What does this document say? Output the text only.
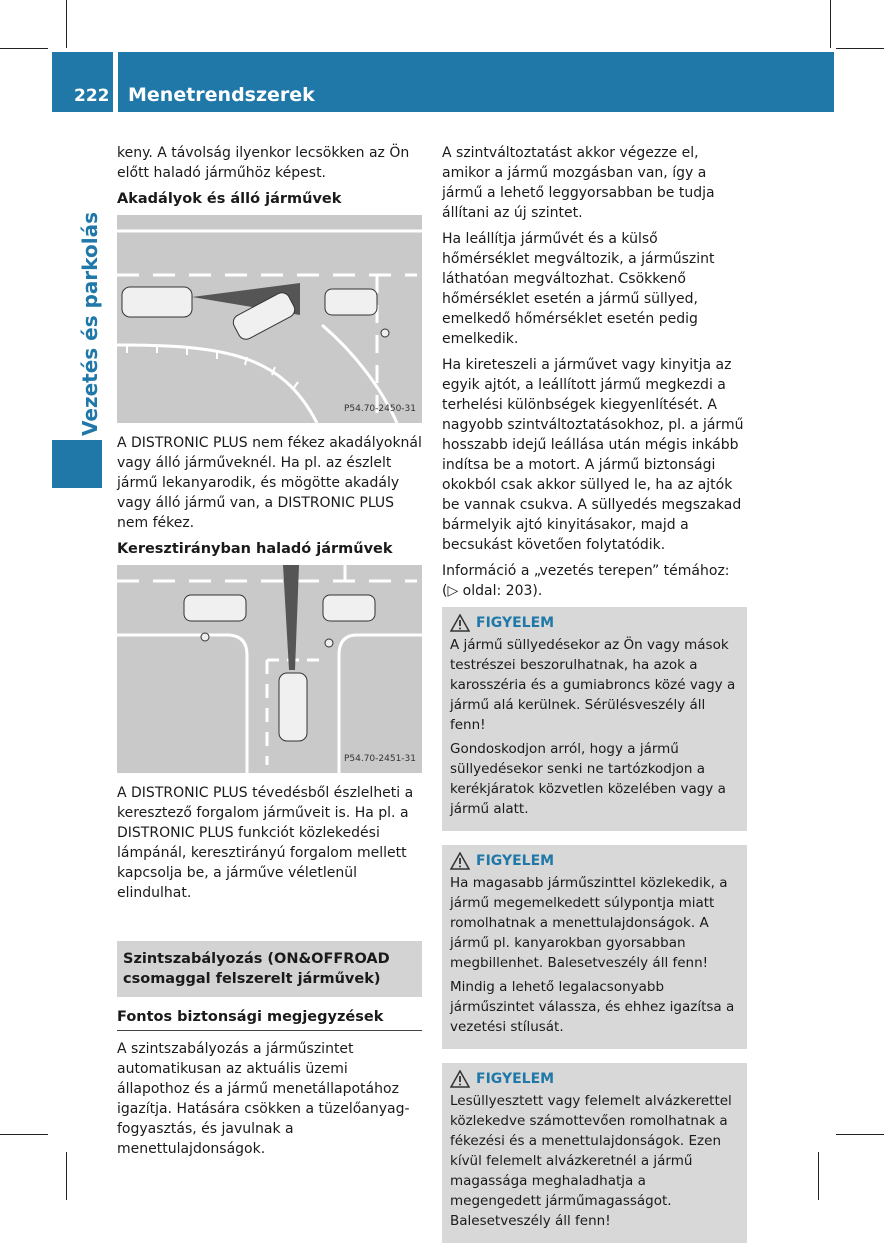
222 Menetrendszerek
Vezetés és parkolás

keny. A távolság ilyenkor lecsökken az Ön előtt haladó járműhöz képest.

Akadályok és álló járművek
P54.70-2450-31

A DISTRONIC PLUS nem fékez akadályoknál vagy álló járműveknél. Ha pl. az észlelt jármű lekanyarodik, és mögötte akadály vagy álló jármű van, a DISTRONIC PLUS nem fékez.

Keresztirányban haladó járművek
P54.70-2451-31

A DISTRONIC PLUS tévedésből észlelheti a keresztező forgalom járműveit is. Ha pl. a DISTRONIC PLUS funkciót közlekedési lámpánál, keresztirányú forgalom mellett kapcsolja be, a járműve véletlenül elindulhat.

Szintszabályozás (ON&OFFROAD csomaggal felszerelt járművek)
Fontos biztonsági megjegyzések

A szintszabályozás a járműszintet automatikusan az aktuális üzemi állapothoz és a jármű menetállapotához igazítja. Hatására csökken a tüzelőanyag-fogyasztás, és javulnak a menettulajdonságok.

A szintváltoztatást akkor végezze el, amikor a jármű mozgásban van, így a jármű a lehető leggyorsabban be tudja állítani az új szintet.

Ha leállítja járművét és a külső hőmérséklet megváltozik, a járműszint láthatóan megváltozhat. Csökkenő hőmérséklet esetén a jármű süllyed, emelkedő hőmérséklet esetén pedig emelkedik.

Ha kireteszeli a járművet vagy kinyitja az egyik ajtót, a leállított jármű megkezdi a terhelési különbségek kiegyenlítését. A nagyobb szintváltoztatásokhoz, pl. a jármű hosszabb idejű leállása után mégis inkább indítsa be a motort. A jármű biztonsági okokból csak akkor süllyed le, ha az ajtók be vannak csukva. A süllyedés megszakad bármelyik ajtó kinyitásakor, majd a becsukást követően folytatódik.

Információ a „vezetés terepen” témához:

(▷ oldal: 203).

FIGYELEM

A jármű süllyedésekor az Ön vagy mások testrészei beszorulhatnak, ha azok a karosszéria és a gumiabroncs közé vagy a jármű alá kerülnek. Sérülésveszély áll fenn!

Gondoskodjon arról, hogy a jármű süllyedésekor senki ne tartózkodjon a kerékjáratok közvetlen közelében vagy a jármű alatt.

FIGYELEM

Ha magasabb járműszinttel közlekedik, a jármű megemelkedett súlypontja miatt romolhatnak a menettulajdonságok. A jármű pl. kanyarokban gyorsabban megbillenhet. Balesetveszély áll fenn!

Mindig a lehető legalacsonyabb járműszintet válassza, és ehhez igazítsa a vezetési stílusát.

FIGYELEM

Lesüllyesztett vagy felemelt alvázkerettel közlekedve számottevően romolhatnak a fékezési és a menettulajdonságok. Ezen kívül felemelt alvázkeretnél a jármű magassága meghaladhatja a megengedett járműmagasságot. Balesetveszély áll fenn!
